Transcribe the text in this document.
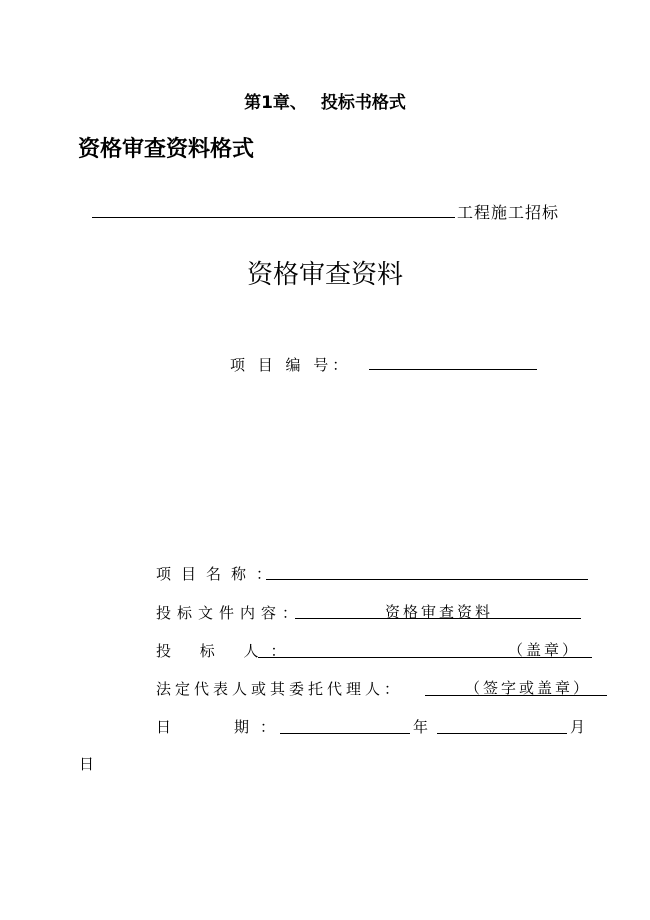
第1章、 投标书格式
资格审查资料格式
工程施工招标
资格审查资料
项 目 编 号：
项目名称：
投标文件内容：	资格审查资料
投 标 人：	（盖章）
法定代表人或其委托代理人：	（签字或盖章）
日　　期：	年	月
日
